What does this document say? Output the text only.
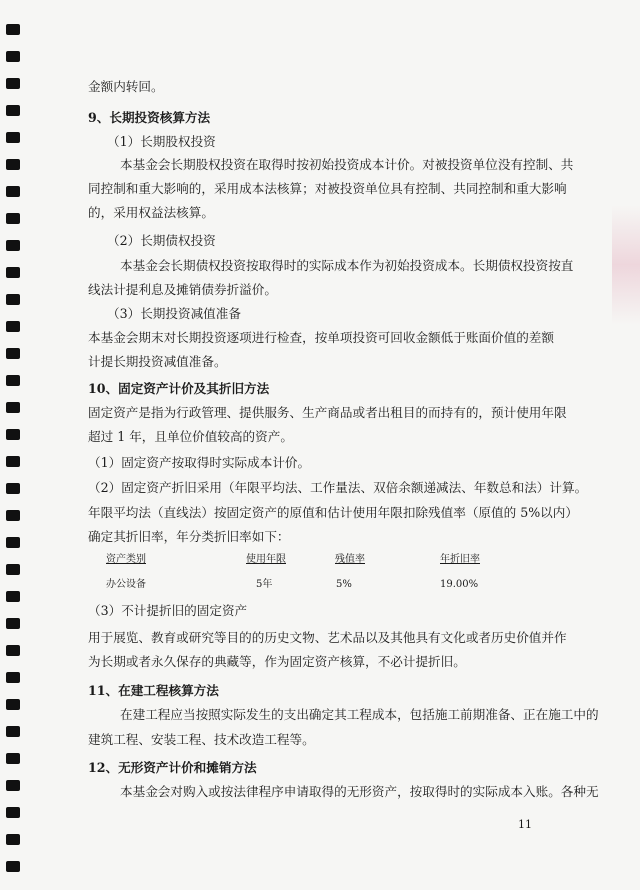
金额内转回。
9、长期投资核算方法
（1）长期股权投资
本基金会长期股权投资在取得时按初始投资成本计价。对被投资单位没有控制、共
同控制和重大影响的，采用成本法核算；对被投资单位具有控制、共同控制和重大影响
的，采用权益法核算。
（2）长期债权投资
本基金会长期债权投资按取得时的实际成本作为初始投资成本。长期债权投资按直
线法计提利息及摊销债券折溢价。
（3）长期投资减值准备
本基金会期末对长期投资逐项进行检查，按单项投资可回收金额低于账面价值的差额
计提长期投资减值准备。
10、固定资产计价及其折旧方法
固定资产是指为行政管理、提供服务、生产商品或者出租目的而持有的，预计使用年限
超过 1 年，且单位价值较高的资产。
（1）固定资产按取得时实际成本计价。
（2）固定资产折旧采用（年限平均法、工作量法、双倍余额递减法、年数总和法）计算。
年限平均法（直线法）按固定资产的原值和估计使用年限扣除残值率（原值的 5%以内）
确定其折旧率，年分类折旧率如下：
资产类别	使用年限	残值率	年折旧率
办公设备	5年	5%	19.00%
（3）不计提折旧的固定资产
用于展览、教育或研究等目的的历史文物、艺术品以及其他具有文化或者历史价值并作
为长期或者永久保存的典藏等，作为固定资产核算，不必计提折旧。
11、在建工程核算方法
在建工程应当按照实际发生的支出确定其工程成本，包括施工前期准备、正在施工中的
建筑工程、安装工程、技术改造工程等。
12、无形资产计价和摊销方法
本基金会对购入或按法律程序申请取得的无形资产，按取得时的实际成本入账。各种无
11
